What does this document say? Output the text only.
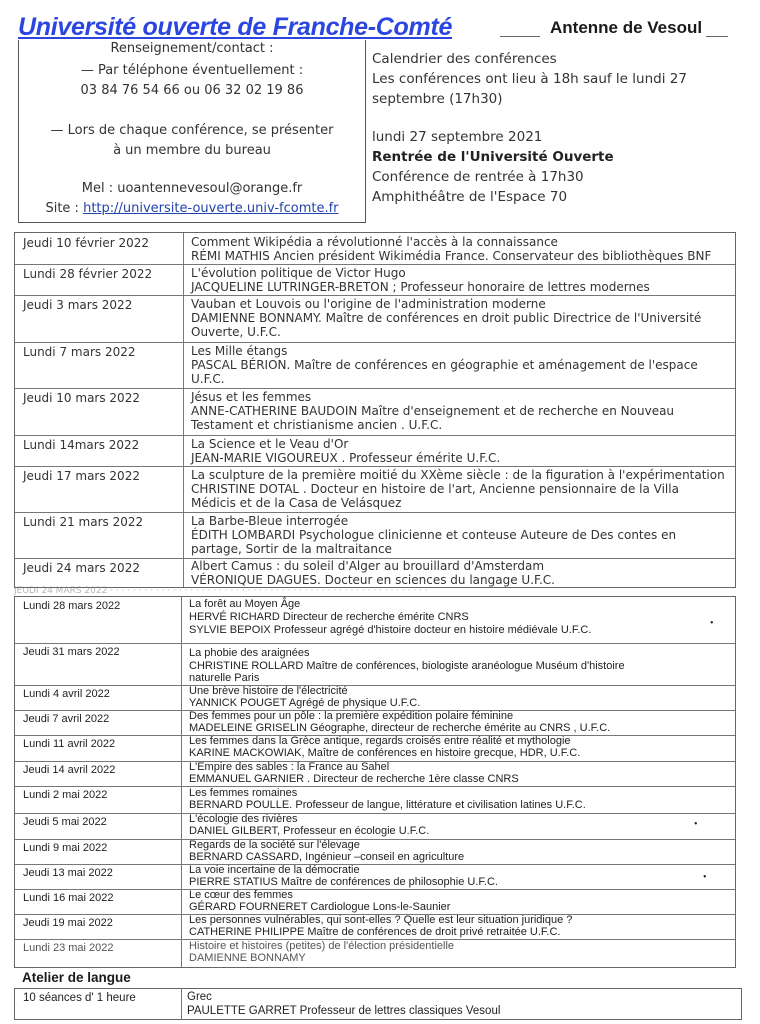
Université ouverte de Franche-Comté	Antenne de Vesoul
Renseignement/contact :
— Par téléphone éventuellement :
03 84 76 54 66 ou 06 32 02 19 86
— Lors de chaque conférence, se présenter
à un membre du bureau
Mel : uoantennevesoul@orange.fr
Site : http://universite-ouverte.univ-fcomte.fr
Calendrier des conférences
Les conférences ont lieu à 18h sauf le lundi 27
septembre (17h30)
lundi 27 septembre 2021
Rentrée de l'Université Ouverte
Conférence de rentrée à 17h30
Amphithéâtre de l'Espace 70
Jeudi 10 février 2022	Comment Wikipédia a révolutionné l'accès à la connaissance
RÉMI MATHIS Ancien président Wikimédia France. Conservateur des bibliothèques BNF
Lundi 28 février 2022	L'évolution politique de Victor Hugo
JACQUELINE LUTRINGER-BRETON ; Professeur honoraire de lettres modernes
Jeudi 3 mars 2022	Vauban et Louvois ou l'origine de l'administration moderne
DAMIENNE BONNAMY. Maître de conférences en droit public Directrice de l'Université
Ouverte, U.F.C.
Lundi 7 mars 2022	Les Mille étangs
PASCAL BÉRION. Maître de conférences en géographie et aménagement de l'espace
U.F.C.
Jeudi 10 mars 2022	Jésus et les femmes
ANNE-CATHERINE BAUDOIN Maître d'enseignement et de recherche en Nouveau
Testament et christianisme ancien . U.F.C.
Lundi 14mars 2022	La Science et le Veau d'Or
JEAN-MARIE VIGOUREUX . Professeur émérite U.F.C.
Jeudi 17 mars 2022	La sculpture de la première moitié du XXème siècle : de la figuration à l'expérimentation
CHRISTINE DOTAL . Docteur en histoire de l'art, Ancienne pensionnaire de la Villa
Médicis et de la Casa de Velásquez
Lundi 21 mars 2022	La Barbe-Bleue interrogée
ÉDITH LOMBARDI Psychologue clinicienne et conteuse Auteure de Des contes en
partage, Sortir de la maltraitance
Jeudi 24 mars 2022	Albert Camus : du soleil d'Alger au brouillard d'Amsterdam
VÉRONIQUE DAGUES. Docteur en sciences du langage U.F.C.
JEUDI 24 MARS 2022 · · · · · · · · · · · · · · · · · · · · · · · · · · · · · · · · · · · · · · · · · · · · · · · · · · · · · · · ·
Lundi 28 mars 2022	La forêt au Moyen Âge
HERVÉ RICHARD Directeur de recherche émérite CNRS
SYLVIE BEPOIX Professeur agrégé d'histoire docteur en histoire médiévale U.F.C.
Jeudi 31 mars 2022	La phobie des araignées
CHRISTINE ROLLARD Maître de conférences, biologiste aranéologue Muséum d'histoire
naturelle Paris
Lundi 4 avril 2022	Une brève histoire de l'électricité
YANNICK POUGET Agrégé de physique U.F.C.
Jeudi 7 avril 2022	Des femmes pour un pôle : la première expédition polaire féminine
MADELEINE GRISELIN Géographe, directeur de recherche émérite au CNRS , U.F.C.
Lundi 11 avril 2022	Les femmes dans la Grèce antique, regards croisés entre réalité et mythologie
KARINE MACKOWIAK, Maître de conférences en histoire grecque, HDR, U.F.C.
Jeudi 14 avril 2022	L'Empire des sables : la France au Sahel
EMMANUEL GARNIER . Directeur de recherche 1ère classe CNRS
Lundi 2 mai 2022	Les femmes romaines
BERNARD POULLE. Professeur de langue, littérature et civilisation latines U.F.C.
Jeudi 5 mai 2022	L'écologie des rivières
DANIEL GILBERT, Professeur en écologie U.F.C.
Lundi 9 mai 2022	Regards de la société sur l'élevage
BERNARD CASSARD, Ingénieur –conseil en agriculture
Jeudi 13 mai 2022	La voie incertaine de la démocratie
PIERRE STATIUS Maître de conférences de philosophie U.F.C.
Lundi 16 mai 2022	Le cœur des femmes
GÉRARD FOURNERET Cardiologue Lons-le-Saunier
Jeudi 19 mai 2022	Les personnes vulnérables, qui sont-elles ? Quelle est leur situation juridique ?
CATHERINE PHILIPPE Maître de conférences de droit privé retraitée U.F.C.
Lundi 23 mai 2022	Histoire et histoires (petites) de l'élection présidentielle
DAMIENNE BONNAMY
•
•
•
Atelier de langue
10 séances d' 1 heure	Grec
PAULETTE GARRET Professeur de lettres classiques Vesoul
